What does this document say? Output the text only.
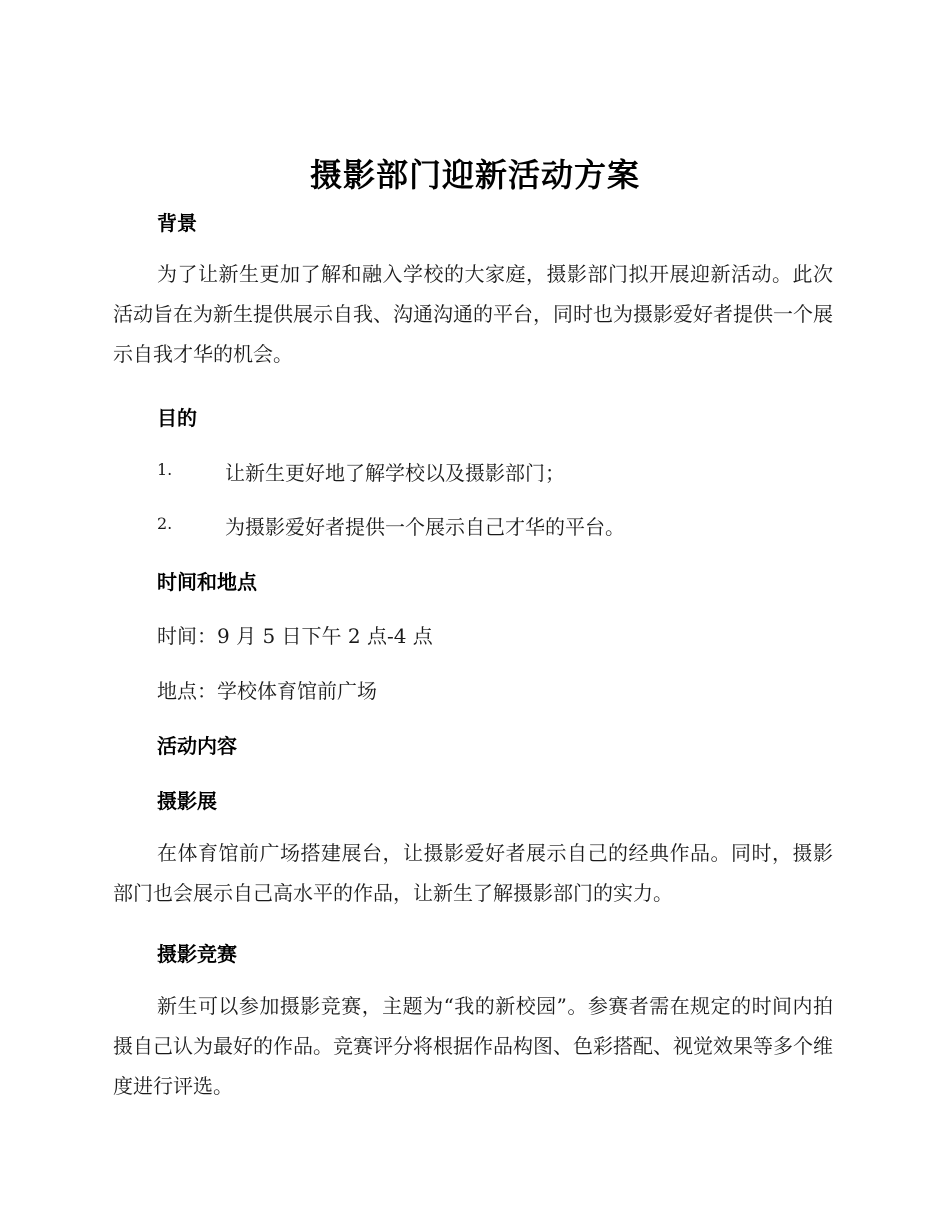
摄影部门迎新活动方案
背景
为了让新生更加了解和融入学校的大家庭，摄影部门拟开展迎新活动。此次活动旨在为新生提供展示自我、沟通沟通的平台，同时也为摄影爱好者提供一个展示自我才华的机会。
目的
1.	让新生更好地了解学校以及摄影部门；
2.	为摄影爱好者提供一个展示自己才华的平台。
时间和地点
时间：9 月 5 日下午 2 点-4 点
地点：学校体育馆前广场
活动内容
摄影展
在体育馆前广场搭建展台，让摄影爱好者展示自己的经典作品。同时，摄影部门也会展示自己高水平的作品，让新生了解摄影部门的实力。
摄影竞赛
新生可以参加摄影竞赛，主题为“我的新校园”。参赛者需在规定的时间内拍摄自己认为最好的作品。竞赛评分将根据作品构图、色彩搭配、视觉效果等多个维度进行评选。
